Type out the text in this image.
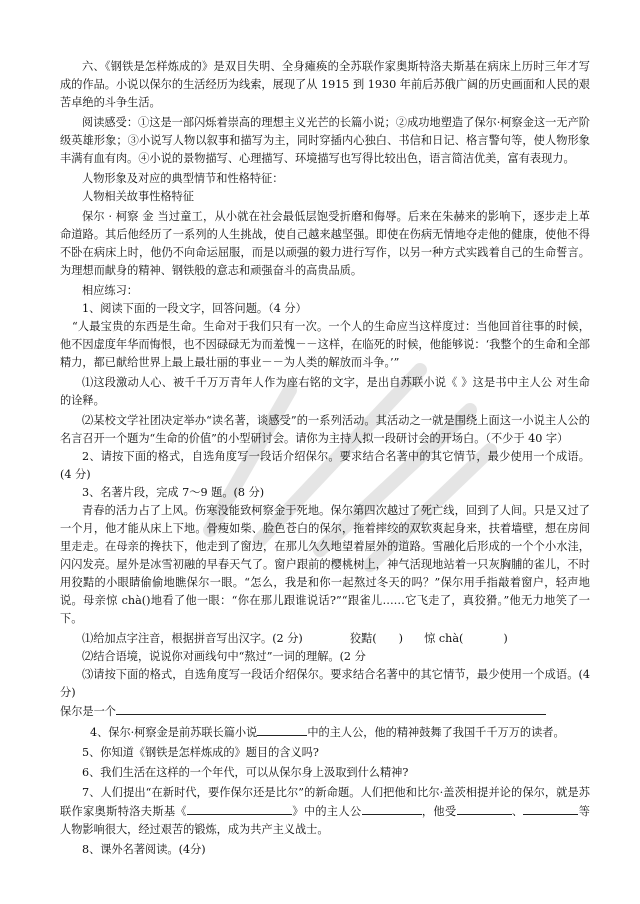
六、《钢铁是怎样炼成的》是双目失明、全身瘫痪的全苏联作家奥斯特洛夫斯基在病床上历时三年才写成的作品。小说以保尔的生活经历为线索，展现了从 1915 到 1930 年前后苏俄广阔的历史画面和人民的艰苦卓绝的斗争生活。

阅读感受：①这是一部闪烁着崇高的理想主义光芒的长篇小说；②成功地塑造了保尔·柯察金这一无产阶级英雄形象；③小说写人物以叙事和描写为主，同时穿插内心独白、书信和日记、格言警句等，使人物形象丰满有血有肉。④小说的景物描写、心理描写、环境描写也写得比较出色，语言简洁优美，富有表现力。

人物形象及对应的典型情节和性格特征：

人物相关故事性格特征

保尔 · 柯察 金 当过童工，从小就在社会最低层饱受折磨和侮辱。后来在朱赫来的影响下，逐步走上革命道路。其后他经历了一系列的人生挑战，使自己越来越坚强。即使在伤病无情地夺走他的健康，使他不得不卧在病床上时，他仍不向命运屈服，而是以顽强的毅力进行写作，以另一种方式实践着自己的生命誓言。为理想而献身的精神、钢铁般的意志和顽强奋斗的高贵品质。

相应练习：

1、阅读下面的一段文字，回答问题。（4 分）

“人最宝贵的东西是生命。生命对于我们只有一次。一个人的生命应当这样度过：当他回首往事的时候，他不因虚度年华而悔恨，也不因碌碌无为而羞愧－－这样，在临死的时候，他能够说：‘我整个的生命和全部精力，都已献给世界上最上最壮丽的事业－－为人类的解放而斗争。’”

⑴这段激动人心、被千千万万青年人作为座右铭的文字，是出自苏联小说《 》这是书中主人公 对生命的诠释。

⑵某校文学社团决定举办“读名著，谈感受”的一系列活动。其活动之一就是围绕上面这一小说主人公的名言召开一个题为“生命的价值”的小型研讨会。请你为主持人拟一段研讨会的开场白。（不少于 40 字）

2、请按下面的格式，自选角度写一段话介绍保尔。要求结合名著中的其它情节，最少使用一个成语。(4 分)

3、名著片段，完成 7～9 题。(8 分)

青春的活力占了上风。伤寒没能致柯察金于死地。保尔第四次越过了死亡线，回到了人间。只是又过了一个月，他才能从床上下地。骨瘦如柴、脸色苍白的保尔，拖着摔绞的双软爽起身来，扶着墙壁，想在房间里走走。在母亲的搀扶下，他走到了窗边，在那儿久久地望着屋外的道路。雪融化后形成的一个个小水洼，闪闪发亮。屋外是冰雪初融的早春天气了。窗户跟前的樱桃树上，神气活现地站着一只灰胸脯的雀儿，不时用狡黠的小眼睛偷偷地瞧保尔一眼。“怎么，我是和你一起熬过冬天的吗？”保尔用手指敲着窗户，轻声地说。母亲惊 chà()地看了他一眼：“你在那儿跟谁说话?”“跟雀儿……它飞走了，真狡猾。”他无力地笑了一下。

⑴给加点字注音，根据拼音写出汉字。(2 分)	狡黠( )  惊 chà(	)

⑵结合语境，说说你对画线句中“熬过”一词的理解。(2 分

⑶请按下面的格式，自选角度写一段话介绍保尔。要求结合名著中的其它情节，最少使用一个成语。(4 分)

保尔是一个

4、保尔·柯察金是前苏联长篇小说	中的主人公，他的精神鼓舞了我国千千万万的读者。

5、你知道《钢铁是怎样炼成的》题目的含义吗?

6、我们生活在这样的一个年代，可以从保尔身上汲取到什么精神?

7、人们提出“在新时代，要作保尔还是比尔”的新命题。人们把他和比尔·盖茨相提并论的保尔，就是苏联作家奥斯特洛夫斯基《	》中的主人公	，他受	、	等人物影响很大，经过艰苦的锻炼，成为共产主义战士。

8、课外名著阅读。(4分)
